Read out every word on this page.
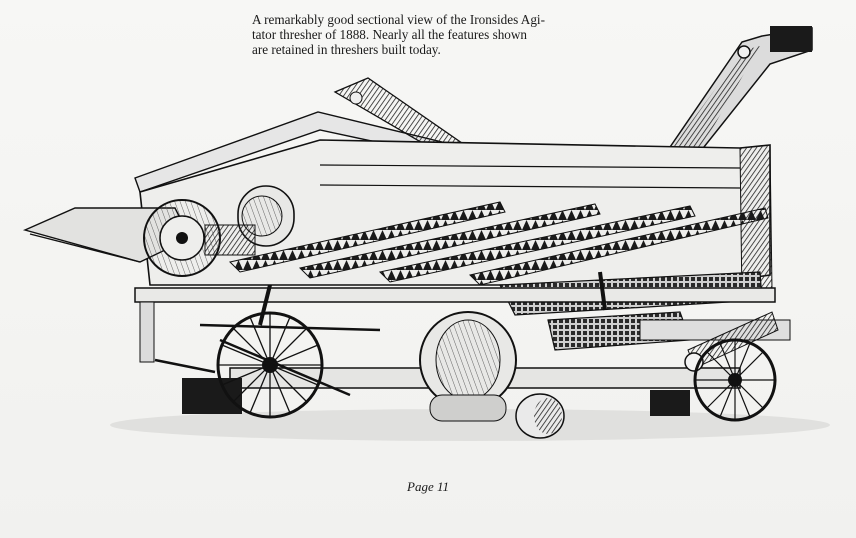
A remarkably good sectional view of the Ironsides Agi-
tator thresher of 1888. Nearly all the features shown
are retained in threshers built today.
Page 11
